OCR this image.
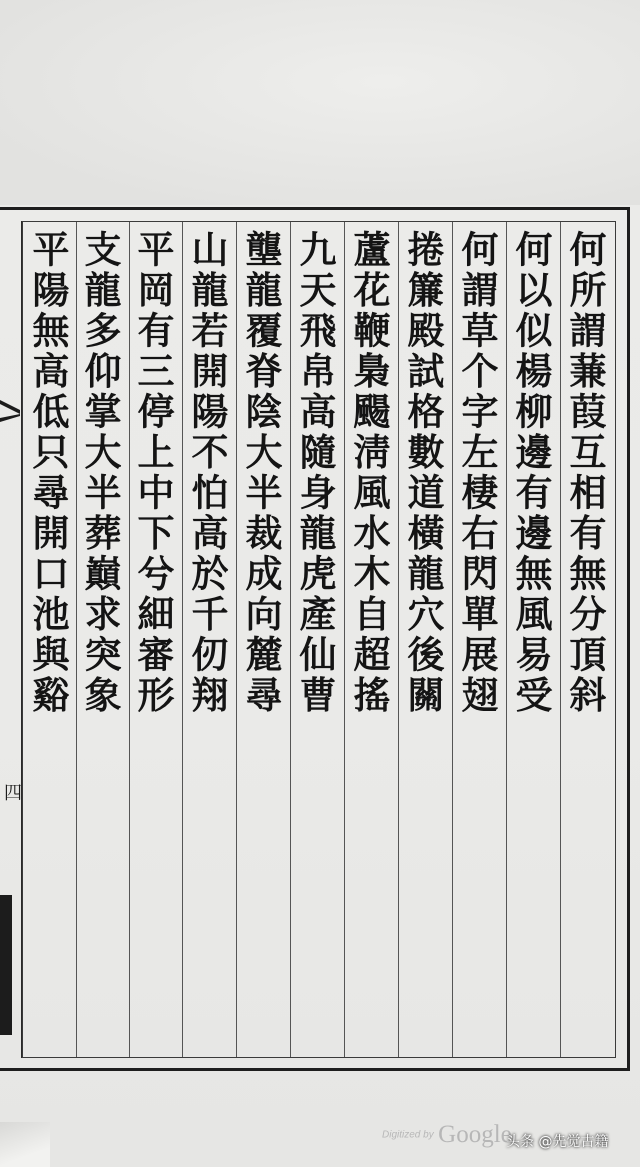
四
何所謂蒹葭互相有無分頂斜
何以似楊柳邊有邊無風易受
何謂草个字左棲右閃單展翅
捲簾殿試格數道橫龍穴後關
蘆花鞭梟颺淸風水木自超搖
九天飛帛高隨身龍虎產仙曹
壟龍覆脊陰大半裁成向麓尋
山龍若開陽不怕高於千仞翔
平岡有三停上中下兮細審形
支龍多仰掌大半葬巔求突象
平陽無高低只尋開口池與谿
Digitized by Google
头条 @先觉古籍
